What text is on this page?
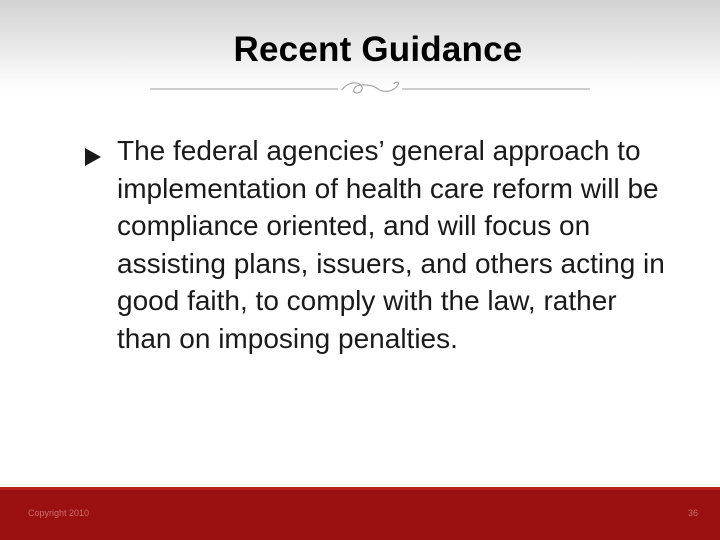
Recent Guidance

The federal agencies’ general approach to implementation of health care reform will be compliance oriented, and will focus on assisting plans, issuers, and others acting in good faith, to comply with the law, rather than on imposing penalties.

Copyright 2010	36
